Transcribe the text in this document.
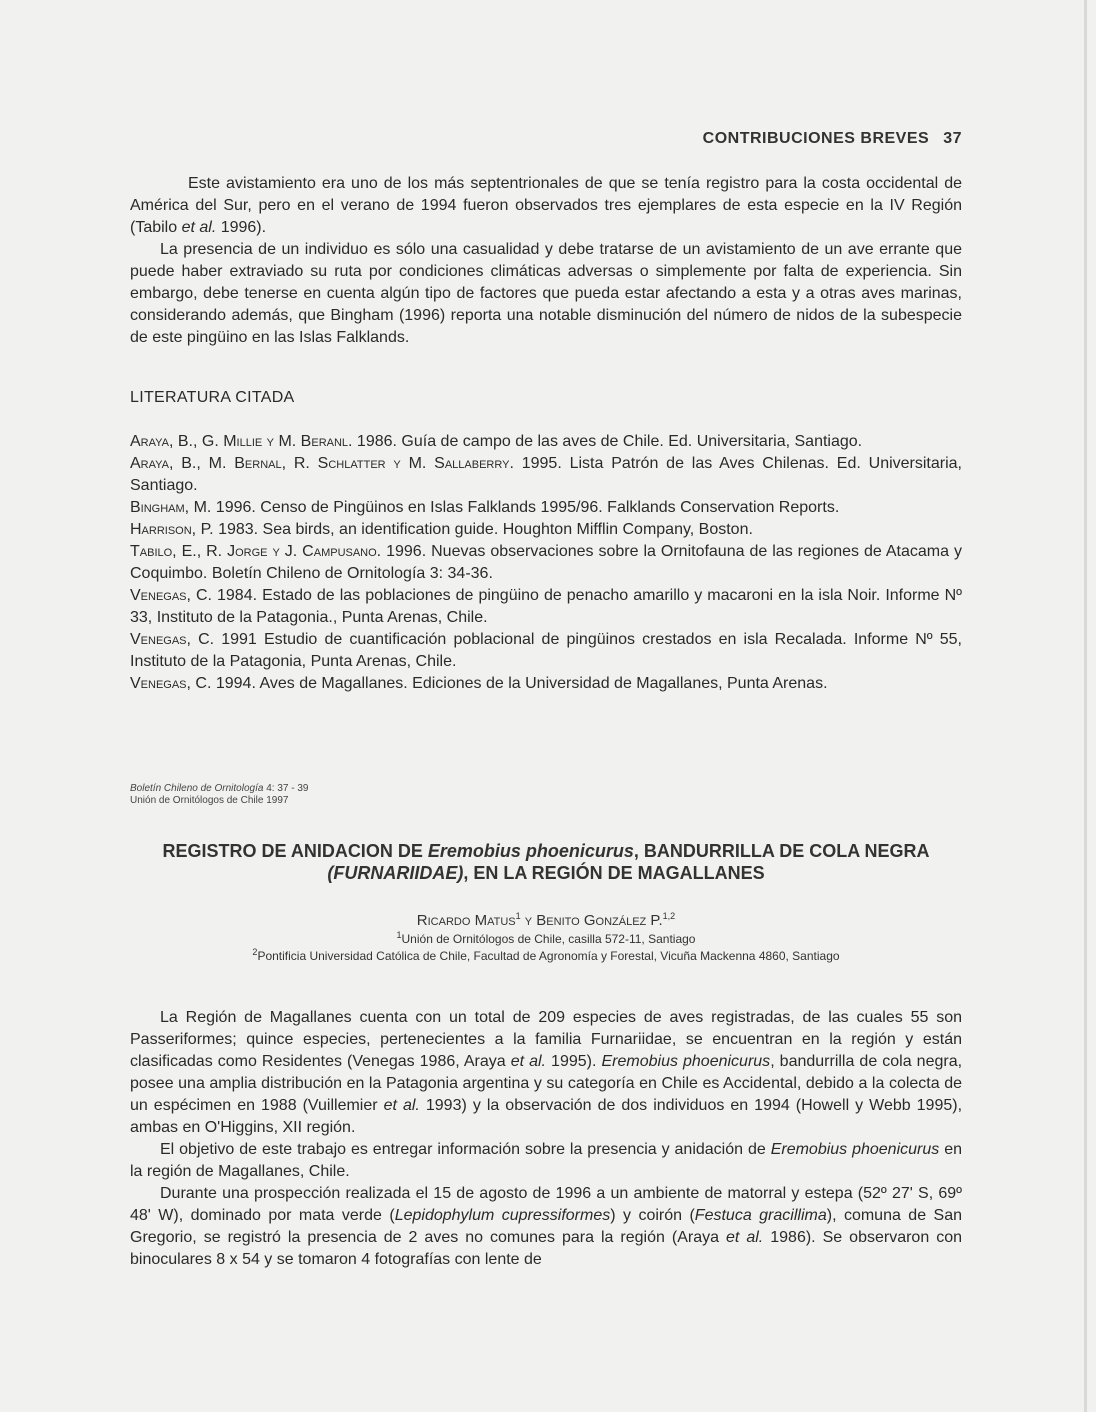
CONTRIBUCIONES BREVES 37

Este avistamiento era uno de los más septentrionales de que se tenía registro para la costa occidental de América del Sur, pero en el verano de 1994 fueron observados tres ejemplares de esta especie en la IV Región (Tabilo et al. 1996).

La presencia de un individuo es sólo una casualidad y debe tratarse de un avistamiento de un ave errante que puede haber extraviado su ruta por condiciones climáticas adversas o simplemente por falta de experiencia. Sin embargo, debe tenerse en cuenta algún tipo de factores que pueda estar afectando a esta y a otras aves marinas, considerando además, que Bingham (1996) reporta una notable disminución del número de nidos de la subespecie de este pingüino en las Islas Falklands.

LITERATURA CITADA

Araya, B., G. Millie y M. Beranl. 1986. Guía de campo de las aves de Chile. Ed. Universitaria, Santiago.

Araya, B., M. Bernal, R. Schlatter y M. Sallaberry. 1995. Lista Patrón de las Aves Chilenas. Ed. Universitaria, Santiago.

Bingham, M. 1996. Censo de Pingüinos en Islas Falklands 1995/96. Falklands Conservation Reports.

Harrison, P. 1983. Sea birds, an identification guide. Houghton Mifflin Company, Boston.

Tabilo, E., R. Jorge y J. Campusano. 1996. Nuevas observaciones sobre la Ornitofauna de las regiones de Atacama y Coquimbo. Boletín Chileno de Ornitología 3: 34-36.

Venegas, C. 1984. Estado de las poblaciones de pingüino de penacho amarillo y macaroni en la isla Noir. Informe Nº 33, Instituto de la Patagonia., Punta Arenas, Chile.

Venegas, C. 1991 Estudio de cuantificación poblacional de pingüinos crestados en isla Recalada. Informe Nº 55, Instituto de la Patagonia, Punta Arenas, Chile.

Venegas, C. 1994. Aves de Magallanes. Ediciones de la Universidad de Magallanes, Punta Arenas.

Boletín Chileno de Ornitología 4: 37 - 39
Unión de Ornitólogos de Chile 1997
REGISTRO DE ANIDACION DE Eremobius phoenicurus, BANDURRILLA DE COLA NEGRA
(FURNARIIDAE), EN LA REGIÓN DE MAGALLANES
Ricardo Matus$^1$ y Benito González P.$^{1,2}$
$^1$Unión de Ornitólogos de Chile, casilla 572-11, Santiago
$^2$Pontificia Universidad Católica de Chile, Facultad de Agronomía y Forestal, Vicuña Mackenna 4860, Santiago

La Región de Magallanes cuenta con un total de 209 especies de aves registradas, de las cuales 55 son Passeriformes; quince especies, pertenecientes a la familia Furnariidae, se encuentran en la región y están clasificadas como Residentes (Venegas 1986, Araya et al. 1995). Eremobius phoenicurus, bandurrilla de cola negra, posee una amplia distribución en la Patagonia argentina y su categoría en Chile es Accidental, debido a la colecta de un espécimen en 1988 (Vuillemier et al. 1993) y la observación de dos individuos en 1994 (Howell y Webb 1995), ambas en O'Higgins, XII región.

El objetivo de este trabajo es entregar información sobre la presencia y anidación de Eremobius phoenicurus en la región de Magallanes, Chile.

Durante una prospección realizada el 15 de agosto de 1996 a un ambiente de matorral y estepa (52º 27' S, 69º 48' W), dominado por mata verde (Lepidophylum cupressiformes) y coirón (Festuca gracillima), comuna de San Gregorio, se registró la presencia de 2 aves no comunes para la región (Araya et al. 1986). Se observaron con binoculares 8 x 54 y se tomaron 4 fotografías con lente de
